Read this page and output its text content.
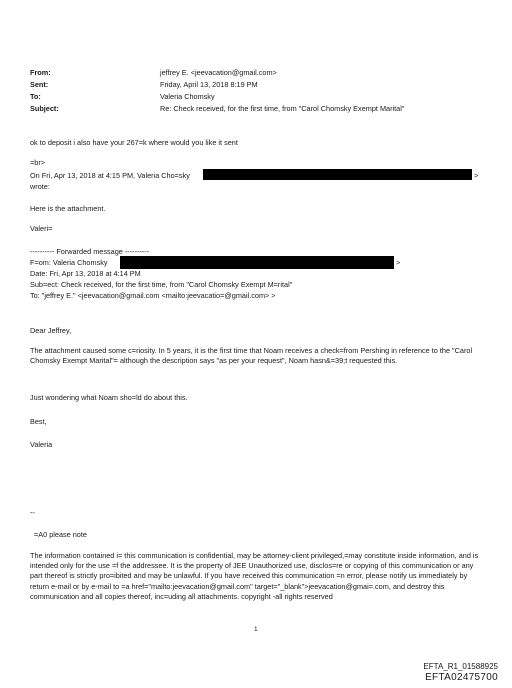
From:	jeffrey E. <jeevacation@gmail.com>
Sent:	Friday, April 13, 2018 8:19 PM
To:	Valeria Chomsky
Subject:	Re: Check received, for the first time, from "Carol Chomsky Exempt Marital"
ok to deposit i also have your 267=k where would you like it sent
=br>
On Fri, Apr 13, 2018 at 4:15 PM, Valeria Cho=sky	>
wrote:
Here is the attachment.
Valeri=
---------- Forwarded message ----------
F=om: Valeria Chomsky	>
Date: Fri, Apr 13, 2018 at 4:14 PM
Sub=ect: Check received, for the first time, from "Carol Chomsky Exempt M=rital"
To: "jeffrey E." <jeevacation@gmail.com <mailto:jeevacatio=@gmail.com> >
Dear Jeffrey,
The attachment caused some c=riosity. In 5 years, it is the first time that Noam receives a check=from Pershing in reference to the "Carol Chomsky Exempt Marital"= although the description says "as per your request", Noam hasn&=39;t requested this.
Just wondering what Noam sho=ld do about this.
Best,
Valeria
--
=A0 please note
The information contained i= this communication is confidential, may be attorney-client privileged,=may constitute inside information, and is intended only for the use =f the addressee. It is the property of JEE Unauthorized use, disclos=re or copying of this communication or any part thereof is strictly pro=ibited and may be unlawful. If you have received this communication =n error, please notify us immediately by return e-mail or by e-mail to =a href="mailto:jeevacation@gmail.com" target="_blank">jeevacation@gmai=.com, and destroy this communication and all copies thereof, inc=uding all attachments. copyright -all rights reserved
1
EFTA_R1_01588925
EFTA02475700
